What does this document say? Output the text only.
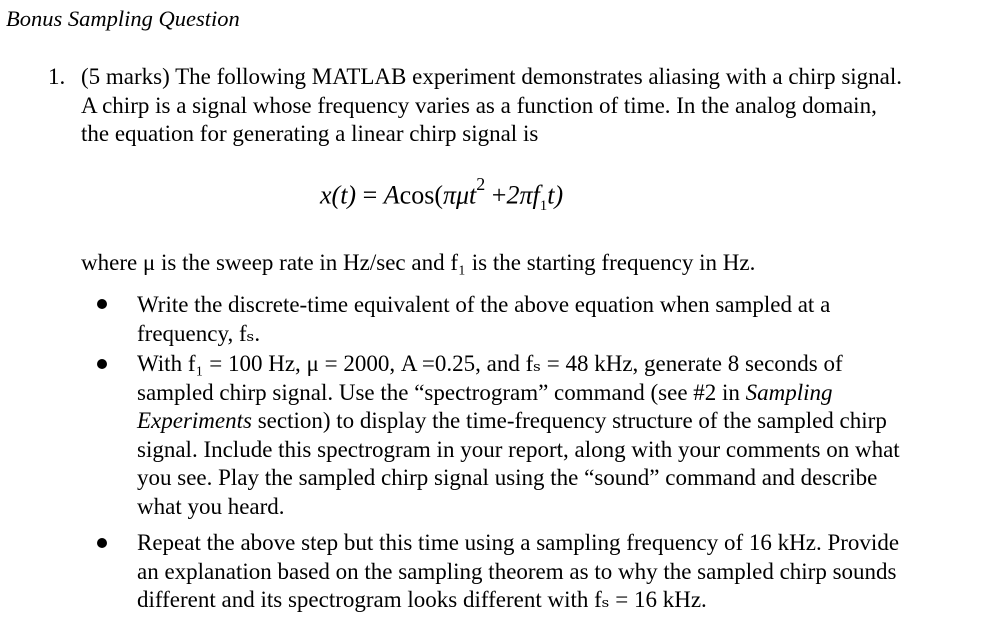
Bonus Sampling Question
1. (5 marks) The following MATLAB experiment demonstrates aliasing with a chirp signal.
A chirp is a signal whose frequency varies as a function of time. In the analog domain,
the equation for generating a linear chirp signal is
$x(t) = Acos(\pi\mu t^2 +2\pi f_1t)$
where μ is the sweep rate in Hz/sec and f₁ is the starting frequency in Hz.
Write the discrete-time equivalent of the above equation when sampled at a
frequency, fₛ.
With f₁ = 100 Hz, μ = 2000, A =0.25, and fₛ = 48 kHz, generate 8 seconds of
sampled chirp signal. Use the “spectrogram” command (see #2 in Sampling
Experiments section) to display the time-frequency structure of the sampled chirp
signal. Include this spectrogram in your report, along with your comments on what
you see. Play the sampled chirp signal using the “sound” command and describe
what you heard.
Repeat the above step but this time using a sampling frequency of 16 kHz. Provide
an explanation based on the sampling theorem as to why the sampled chirp sounds
different and its spectrogram looks different with fₛ = 16 kHz.
